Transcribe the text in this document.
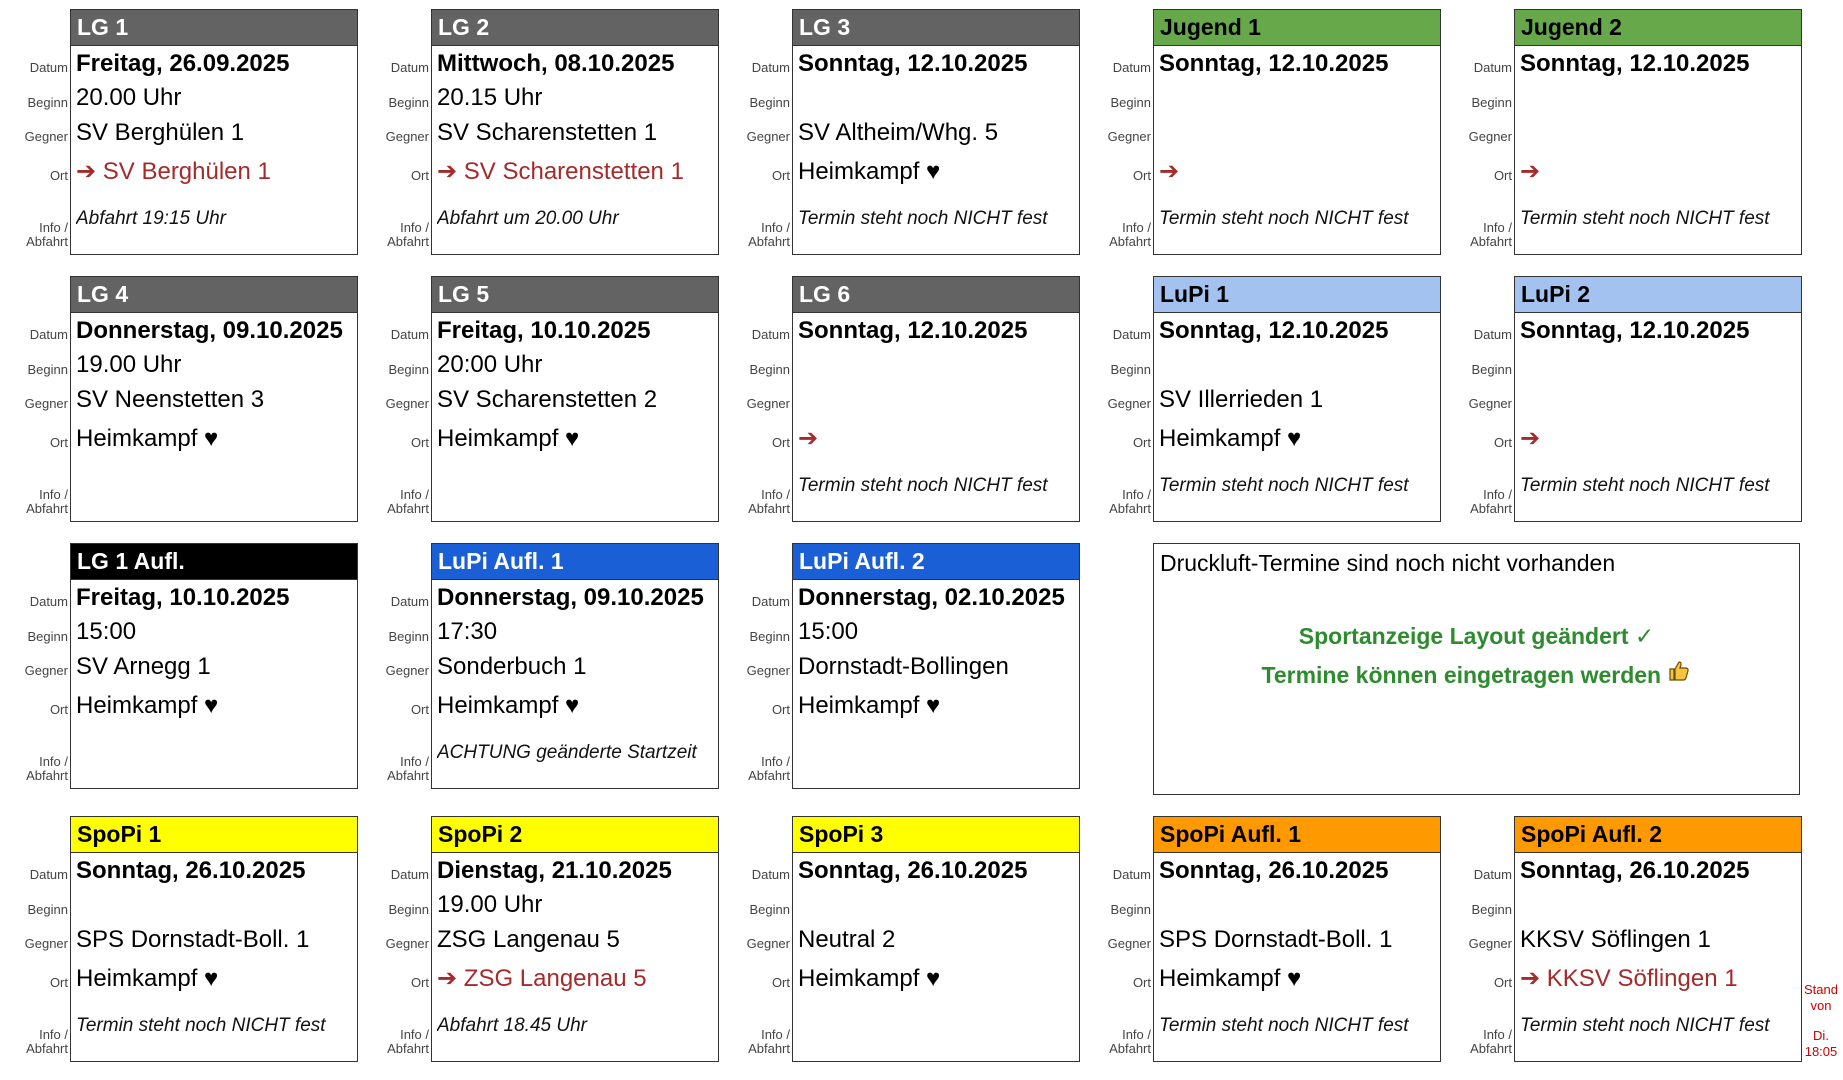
Datum
Beginn
Gegner
Ort
Info /
Abfahrt
LG 1
Freitag, 26.09.2025
20.00 Uhr
SV Berghülen 1
➔ SV Berghülen 1
Abfahrt 19:15 Uhr
Datum
Beginn
Gegner
Ort
Info /
Abfahrt
LG 2
Mittwoch, 08.10.2025
20.15 Uhr
SV Scharenstetten 1
➔ SV Scharenstetten 1
Abfahrt um 20.00 Uhr
Datum
Beginn
Gegner
Ort
Info /
Abfahrt
LG 3
Sonntag, 12.10.2025
SV Altheim/Whg. 5
Heimkampf ♥
Termin steht noch NICHT fest
Datum
Beginn
Gegner
Ort
Info /
Abfahrt
Jugend 1
Sonntag, 12.10.2025
➔
Termin steht noch NICHT fest
Datum
Beginn
Gegner
Ort
Info /
Abfahrt
Jugend 2
Sonntag, 12.10.2025
➔
Termin steht noch NICHT fest
Datum
Beginn
Gegner
Ort
Info /
Abfahrt
LG 4
Donnerstag, 09.10.2025
19.00 Uhr
SV Neenstetten 3
Heimkampf ♥
Datum
Beginn
Gegner
Ort
Info /
Abfahrt
LG 5
Freitag, 10.10.2025
20:00 Uhr
SV Scharenstetten 2
Heimkampf ♥
Datum
Beginn
Gegner
Ort
Info /
Abfahrt
LG 6
Sonntag, 12.10.2025
➔
Termin steht noch NICHT fest
Datum
Beginn
Gegner
Ort
Info /
Abfahrt
LuPi 1
Sonntag, 12.10.2025
SV Illerrieden 1
Heimkampf ♥
Termin steht noch NICHT fest
Datum
Beginn
Gegner
Ort
Info /
Abfahrt
LuPi 2
Sonntag, 12.10.2025
➔
Termin steht noch NICHT fest
Datum
Beginn
Gegner
Ort
Info /
Abfahrt
LG 1 Aufl.
Freitag, 10.10.2025
15:00
SV Arnegg 1
Heimkampf ♥
Datum
Beginn
Gegner
Ort
Info /
Abfahrt
LuPi Aufl. 1
Donnerstag, 09.10.2025
17:30
Sonderbuch 1
Heimkampf ♥
ACHTUNG geänderte Startzeit
Datum
Beginn
Gegner
Ort
Info /
Abfahrt
LuPi Aufl. 2
Donnerstag, 02.10.2025
15:00
Dornstadt-Bollingen
Heimkampf ♥
Druckluft-Termine sind noch nicht vorhanden
Sportanzeige Layout geändert ✓
Termine können eingetragen werden
Datum
Beginn
Gegner
Ort
Info /
Abfahrt
SpoPi 1
Sonntag, 26.10.2025
SPS Dornstadt-Boll. 1
Heimkampf ♥
Termin steht noch NICHT fest
Datum
Beginn
Gegner
Ort
Info /
Abfahrt
SpoPi 2
Dienstag, 21.10.2025
19.00 Uhr
ZSG Langenau 5
➔ ZSG Langenau 5
Abfahrt 18.45 Uhr
Datum
Beginn
Gegner
Ort
Info /
Abfahrt
SpoPi 3
Sonntag, 26.10.2025
Neutral 2
Heimkampf ♥
Datum
Beginn
Gegner
Ort
Info /
Abfahrt
SpoPi Aufl. 1
Sonntag, 26.10.2025
SPS Dornstadt-Boll. 1
Heimkampf ♥
Termin steht noch NICHT fest
Datum
Beginn
Gegner
Ort
Info /
Abfahrt
SpoPi Aufl. 2
Sonntag, 26.10.2025
KKSV Söflingen 1
➔ KKSV Söflingen 1
Termin steht noch NICHT fest
Stand
von
Di.
18:05
